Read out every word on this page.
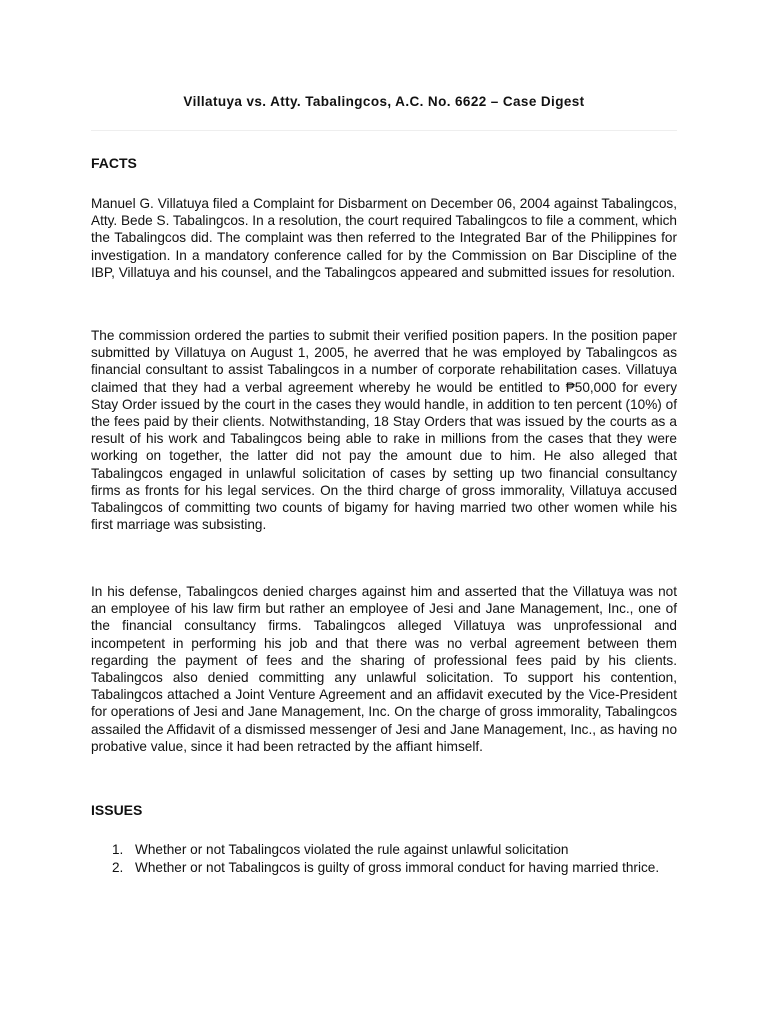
Villatuya vs. Atty. Tabalingcos, A.C. No. 6622 – Case Digest
FACTS

Manuel G. Villatuya filed a Complaint for Disbarment on December 06, 2004 against Tabalingcos, Atty. Bede S. Tabalingcos. In a resolution, the court required Tabalingcos to file a comment, which the Tabalingcos did. The complaint was then referred to the Integrated Bar of the Philippines for investigation. In a mandatory conference called for by the Commission on Bar Discipline of the IBP, Villatuya and his counsel, and the Tabalingcos appeared and submitted issues for resolution.

The commission ordered the parties to submit their verified position papers. In the position paper submitted by Villatuya on August 1, 2005, he averred that he was employed by Tabalingcos as financial consultant to assist Tabalingcos in a number of corporate rehabilitation cases. Villatuya claimed that they had a verbal agreement whereby he would be entitled to ₱50,000 for every Stay Order issued by the court in the cases they would handle, in addition to ten percent (10%) of the fees paid by their clients. Notwithstanding, 18 Stay Orders that was issued by the courts as a result of his work and Tabalingcos being able to rake in millions from the cases that they were working on together, the latter did not pay the amount due to him. He also alleged that Tabalingcos engaged in unlawful solicitation of cases by setting up two financial consultancy firms as fronts for his legal services. On the third charge of gross immorality, Villatuya accused Tabalingcos of committing two counts of bigamy for having married two other women while his first marriage was subsisting.

In his defense, Tabalingcos denied charges against him and asserted that the Villatuya was not an employee of his law firm but rather an employee of Jesi and Jane Management, Inc., one of the financial consultancy firms. Tabalingcos alleged Villatuya was unprofessional and incompetent in performing his job and that there was no verbal agreement between them regarding the payment of fees and the sharing of professional fees paid by his clients. Tabalingcos also denied committing any unlawful solicitation. To support his contention, Tabalingcos attached a Joint Venture Agreement and an affidavit executed by the Vice-President for operations of Jesi and Jane Management, Inc. On the charge of gross immorality, Tabalingcos assailed the Affidavit of a dismissed messenger of Jesi and Jane Management, Inc., as having no probative value, since it had been retracted by the affiant himself.

ISSUES
1. Whether or not Tabalingcos violated the rule against unlawful solicitation
2. Whether or not Tabalingcos is guilty of gross immoral conduct for having married thrice.
